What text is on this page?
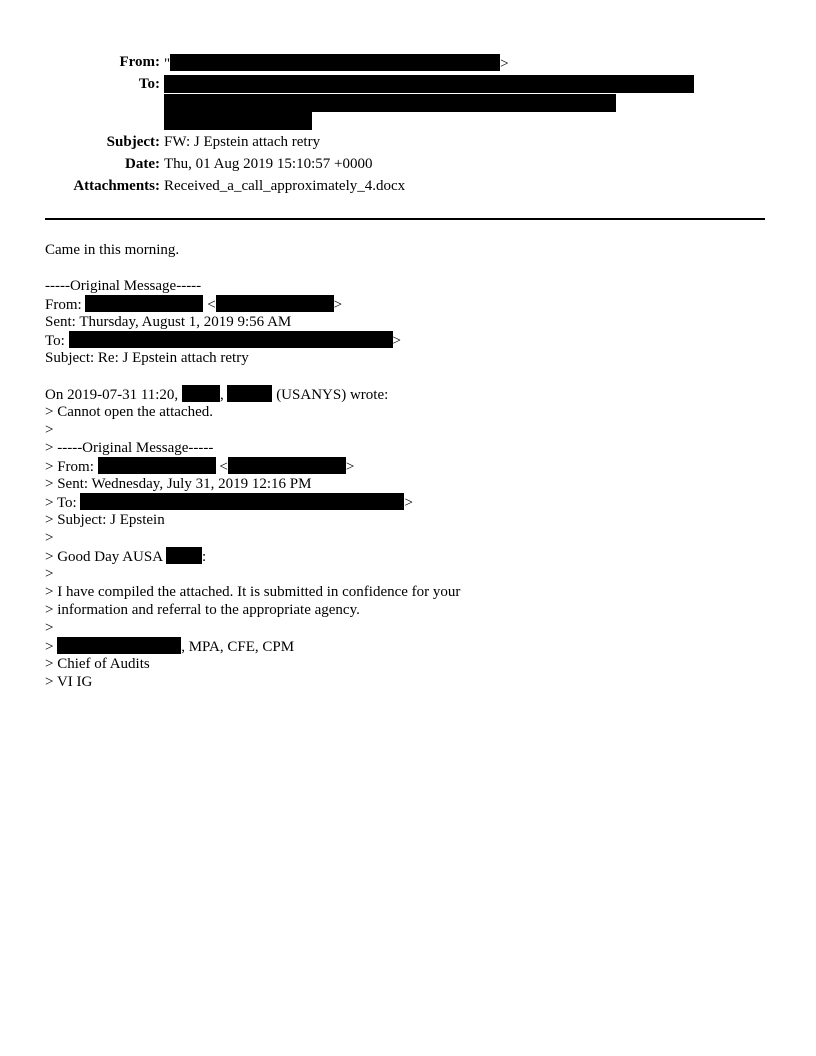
From: "	>
To:
Subject: FW: J Epstein attach retry
Date: Thu, 01 Aug 2019 15:10:57 +0000
Attachments: Received_a_call_approximately_4.docx
Came in this morning.
-----Original Message-----
From:	<	>
Sent: Thursday, August 1, 2019 9:56 AM
To:	>
Subject: Re: J Epstein attach retry
On 2019-07-31 11:20,	,	(USANYS) wrote:
> Cannot open the attached.
>
> -----Original Message-----
> From:	<	>
> Sent: Wednesday, July 31, 2019 12:16 PM
> To:	>
> Subject: J Epstein
>
> Good Day AUSA	:
>
> I have compiled the attached. It is submitted in confidence for your
> information and referral to the appropriate agency.
>
>	, MPA, CFE, CPM
> Chief of Audits
> VI IG
